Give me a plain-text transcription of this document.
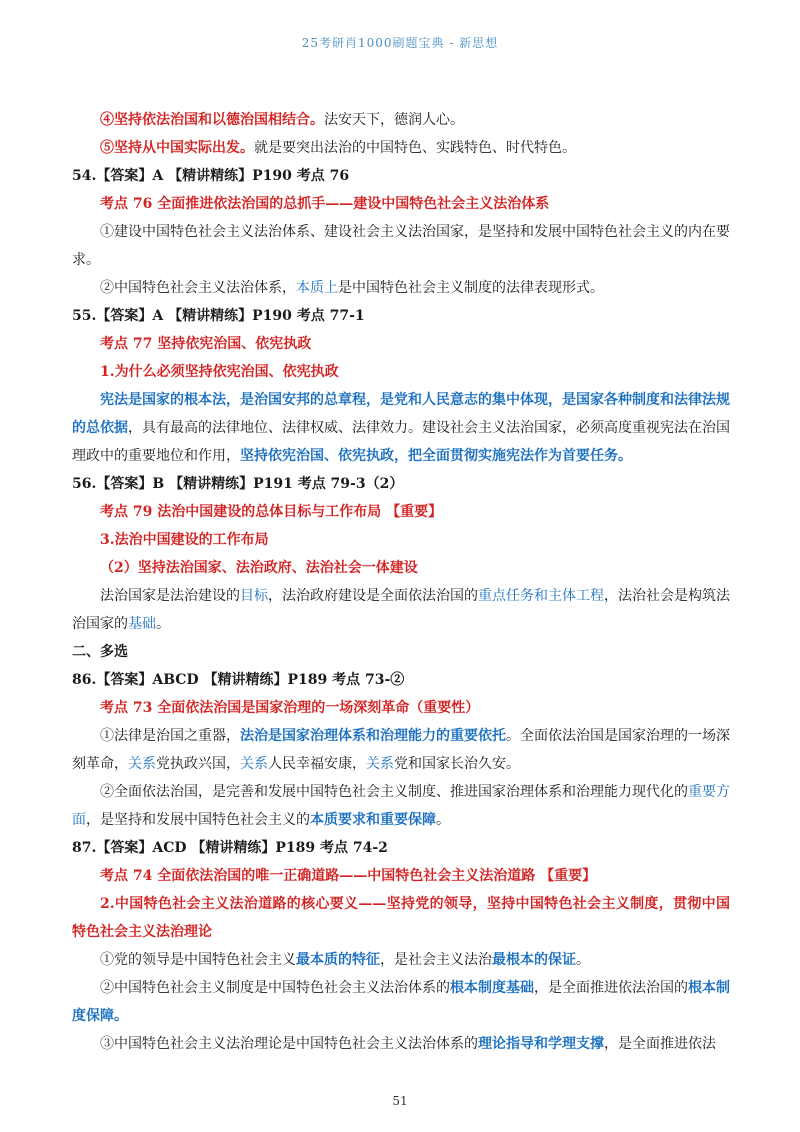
25考研肖1000刷题宝典 - 新思想

④坚持依法治国和以德治国相结合。法安天下，德润人心。

⑤坚持从中国实际出发。就是要突出法治的中国特色、实践特色、时代特色。

54.【答案】A 【精讲精练】P190 考点 76

考点 76 全面推进依法治国的总抓手——建设中国特色社会主义法治体系

①建设中国特色社会主义法治体系、建设社会主义法治国家，是坚持和发展中国特色社会主义的内在要求。

②中国特色社会主义法治体系，本质上是中国特色社会主义制度的法律表现形式。

55.【答案】A 【精讲精练】P190 考点 77-1

考点 77 坚持依宪治国、依宪执政

1.为什么必须坚持依宪治国、依宪执政

宪法是国家的根本法，是治国安邦的总章程，是党和人民意志的集中体现，是国家各种制度和法律法规的总依据，具有最高的法律地位、法律权威、法律效力。建设社会主义法治国家，必须高度重视宪法在治国理政中的重要地位和作用，坚持依宪治国、依宪执政，把全面贯彻实施宪法作为首要任务。

56.【答案】B 【精讲精练】P191 考点 79-3（2）

考点 79 法治中国建设的总体目标与工作布局 【重要】

3.法治中国建设的工作布局

（2）坚持法治国家、法治政府、法治社会一体建设

法治国家是法治建设的目标，法治政府建设是全面依法治国的重点任务和主体工程，法治社会是构筑法治国家的基础。

二、多选

86.【答案】ABCD 【精讲精练】P189 考点 73-②

考点 73 全面依法治国是国家治理的一场深刻革命（重要性）

①法律是治国之重器，法治是国家治理体系和治理能力的重要依托。全面依法治国是国家治理的一场深刻革命，关系党执政兴国，关系人民幸福安康，关系党和国家长治久安。

②全面依法治国，是完善和发展中国特色社会主义制度、推进国家治理体系和治理能力现代化的重要方面，是坚持和发展中国特色社会主义的本质要求和重要保障。

87.【答案】ACD 【精讲精练】P189 考点 74-2

考点 74 全面依法治国的唯一正确道路——中国特色社会主义法治道路 【重要】

2.中国特色社会主义法治道路的核心要义——坚持党的领导，坚持中国特色社会主义制度，贯彻中国特色社会主义法治理论

①党的领导是中国特色社会主义最本质的特征，是社会主义法治最根本的保证。

②中国特色社会主义制度是中国特色社会主义法治体系的根本制度基础，是全面推进依法治国的根本制度保障。

③中国特色社会主义法治理论是中国特色社会主义法治体系的理论指导和学理支撑，是全面推进依法

51
